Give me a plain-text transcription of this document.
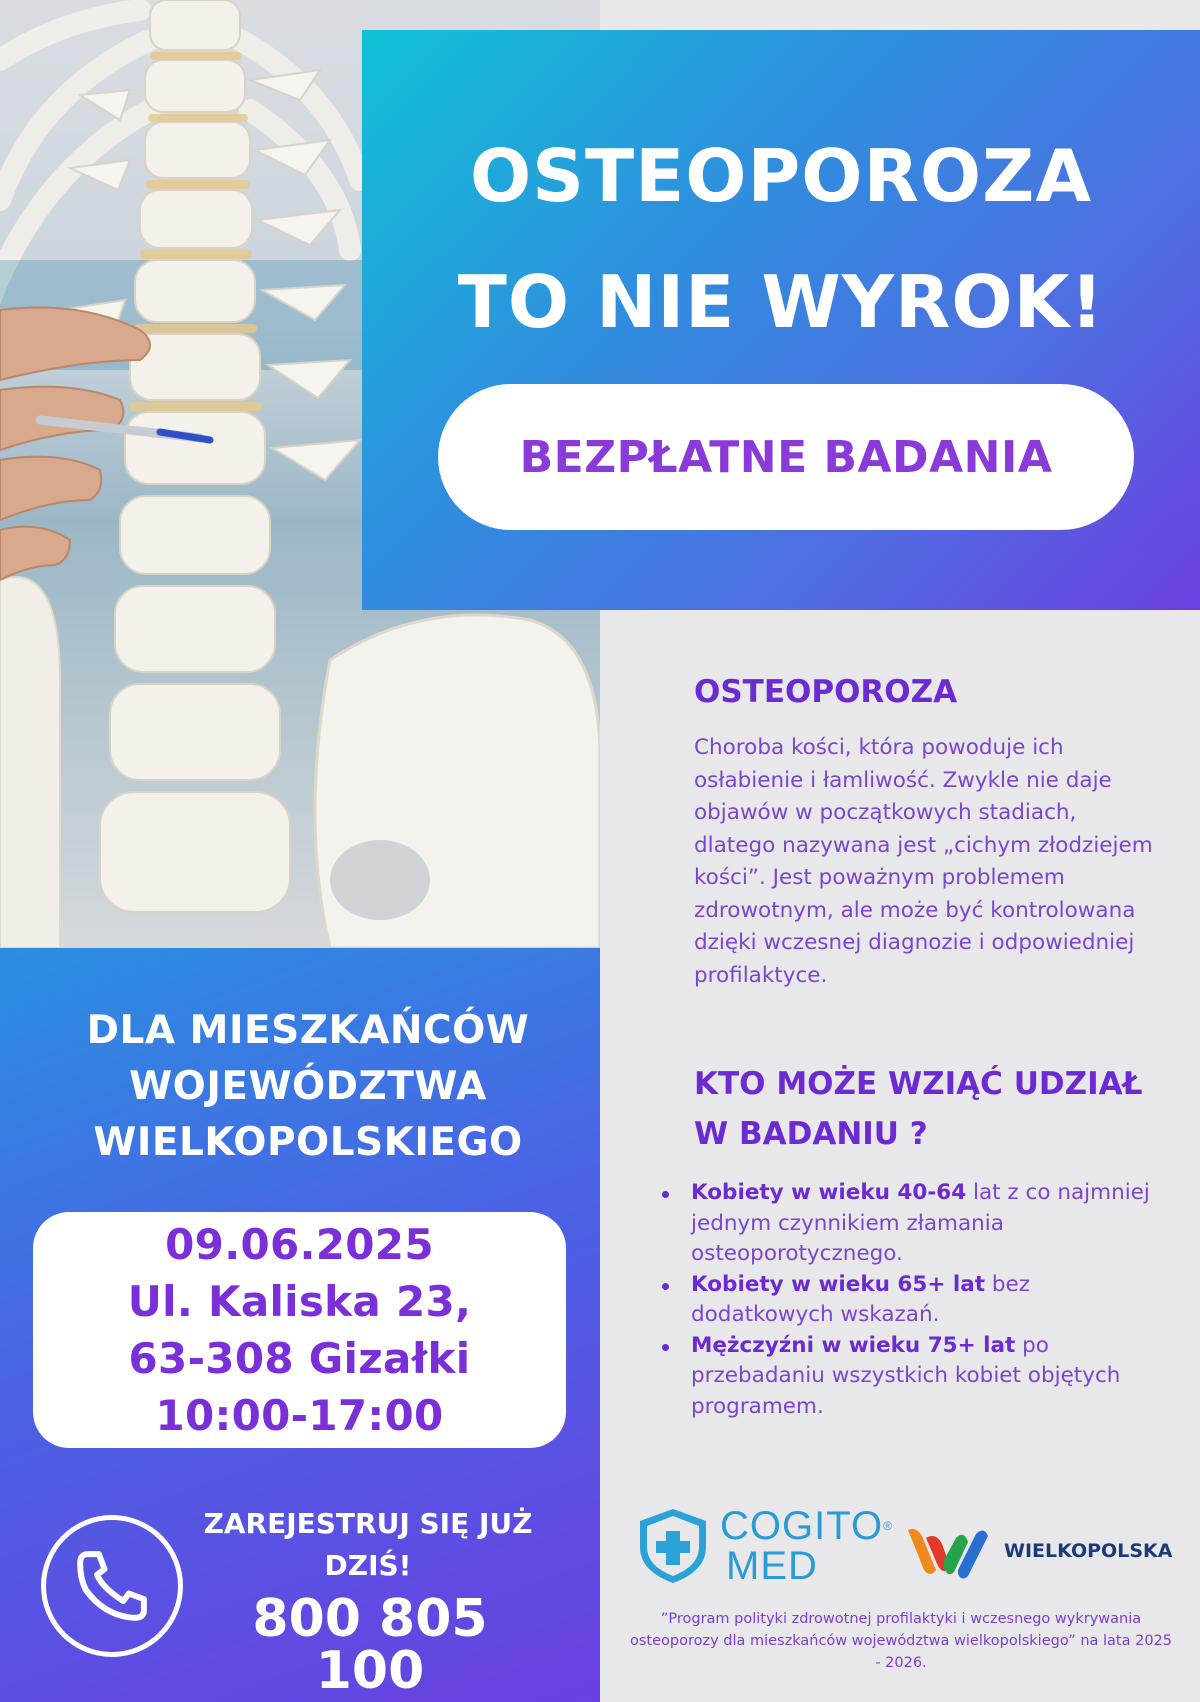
OSTEOPOROZA
TO NIE WYROK!
BEZPŁATNE BADANIA
OSTEOPOROZA
Choroba kości, która powoduje ich osłabienie i łamliwość. Zwykle nie daje objawów w początkowych stadiach, dlatego nazywana jest „cichym złodziejem kości”. Jest poważnym problemem zdrowotnym, ale może być kontrolowana dzięki wczesnej diagnozie i odpowiedniej profilaktyce.
KTO MOŻE WZIĄĆ UDZIAŁ W BADANIU ?
Kobiety w wieku 40-64 lat z co najmniej jednym czynnikiem złamania osteoporotycznego.
Kobiety w wieku 65+ lat bez dodatkowych wskazań.
Mężczyźni w wieku 75+ lat po przebadaniu wszystkich kobiet objętych programem.
DLA MIESZKAŃCÓW
WOJEWÓDZTWA
WIELKOPOLSKIEGO
09.06.2025
Ul. Kaliska 23,
63-308 Gizałki
10:00-17:00
ZAREJESTRUJ SIĘ JUŻ
DZIŚ!
800 805 100
COGITO®
MED	WIELKOPOLSKA
”Program polityki zdrowotnej profilaktyki i wczesnego wykrywania osteoporozy dla mieszkańców województwa wielkopolskiego” na lata 2025 - 2026.
